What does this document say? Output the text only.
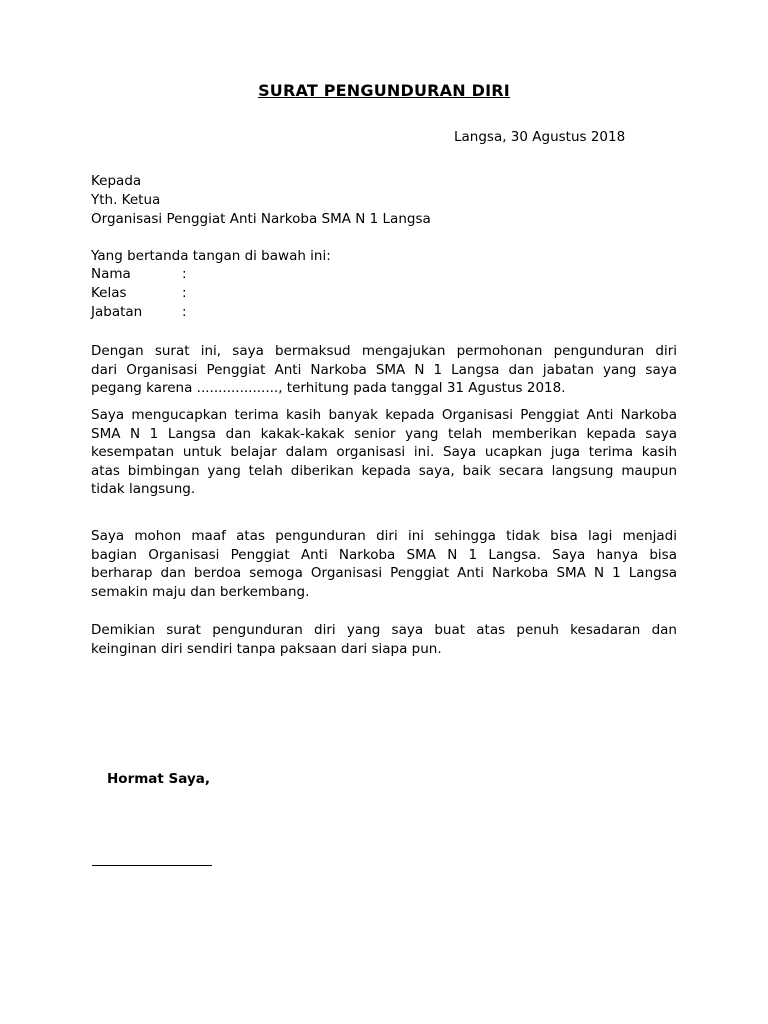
SURAT PENGUNDURAN DIRI
Langsa, 30 Agustus 2018
Kepada
Yth. Ketua
Organisasi Penggiat Anti Narkoba SMA N 1 Langsa
Yang bertanda tangan di bawah ini:
Nama	:
Kelas	:
Jabatan	:
Dengan surat ini, saya bermaksud mengajukan permohonan pengunduran diri
dari Organisasi Penggiat Anti Narkoba SMA N 1 Langsa dan jabatan yang saya
pegang karena ..................., terhitung pada tanggal 31 Agustus 2018.
Saya mengucapkan terima kasih banyak kepada Organisasi Penggiat Anti Narkoba
SMA N 1 Langsa dan kakak-kakak senior yang telah memberikan kepada saya
kesempatan untuk belajar dalam organisasi ini. Saya ucapkan juga terima kasih
atas bimbingan yang telah diberikan kepada saya, baik secara langsung maupun
tidak langsung.
Saya mohon maaf atas pengunduran diri ini sehingga tidak bisa lagi menjadi
bagian Organisasi Penggiat Anti Narkoba SMA N 1 Langsa. Saya hanya bisa
berharap dan berdoa semoga Organisasi Penggiat Anti Narkoba SMA N 1 Langsa
semakin maju dan berkembang.
Demikian surat pengunduran diri yang saya buat atas penuh kesadaran dan
keinginan diri sendiri tanpa paksaan dari siapa pun.
Hormat Saya,
